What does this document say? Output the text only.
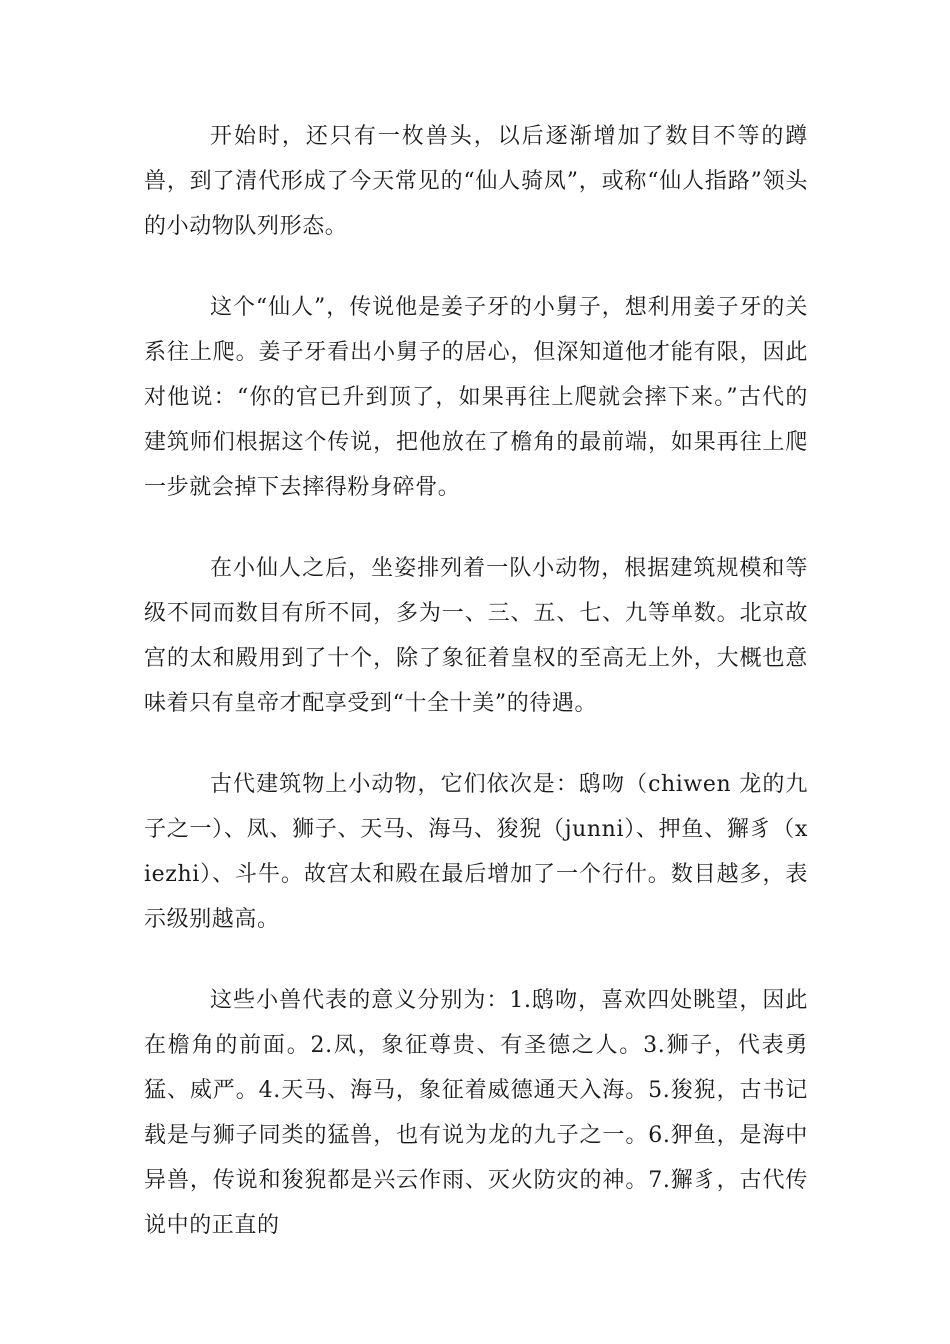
开始时，还只有一枚兽头，以后逐渐增加了数目不等的蹲兽，到了清代形成了今天常见的“仙人骑凤”，或称“仙人指路”领头的小动物队列形态。

这个“仙人”，传说他是姜子牙的小舅子，想利用姜子牙的关系往上爬。姜子牙看出小舅子的居心，但深知道他才能有限，因此对他说：“你的官已升到顶了，如果再往上爬就会摔下来。”古代的建筑师们根据这个传说，把他放在了檐角的最前端，如果再往上爬一步就会掉下去摔得粉身碎骨。

在小仙人之后，坐姿排列着一队小动物，根据建筑规模和等级不同而数目有所不同，多为一、三、五、七、九等单数。北京故宫的太和殿用到了十个，除了象征着皇权的至高无上外，大概也意味着只有皇帝才配享受到“十全十美”的待遇。

古代建筑物上小动物，它们依次是：鸱吻（chiwen 龙的九子之一）、凤、狮子、天马、海马、狻猊（junni）、押鱼、獬豸（xiezhi）、斗牛。故宫太和殿在最后增加了一个行什。数目越多，表示级别越高。

这些小兽代表的意义分别为：1.鸱吻，喜欢四处眺望，因此在檐角的前面。2.凤，象征尊贵、有圣德之人。3.狮子，代表勇猛、威严。4.天马、海马，象征着威德通天入海。5.狻猊，古书记载是与狮子同类的猛兽，也有说为龙的九子之一。6.狎鱼，是海中异兽，传说和狻猊都是兴云作雨、灭火防灾的神。7.獬豸，古代传说中的正直的
